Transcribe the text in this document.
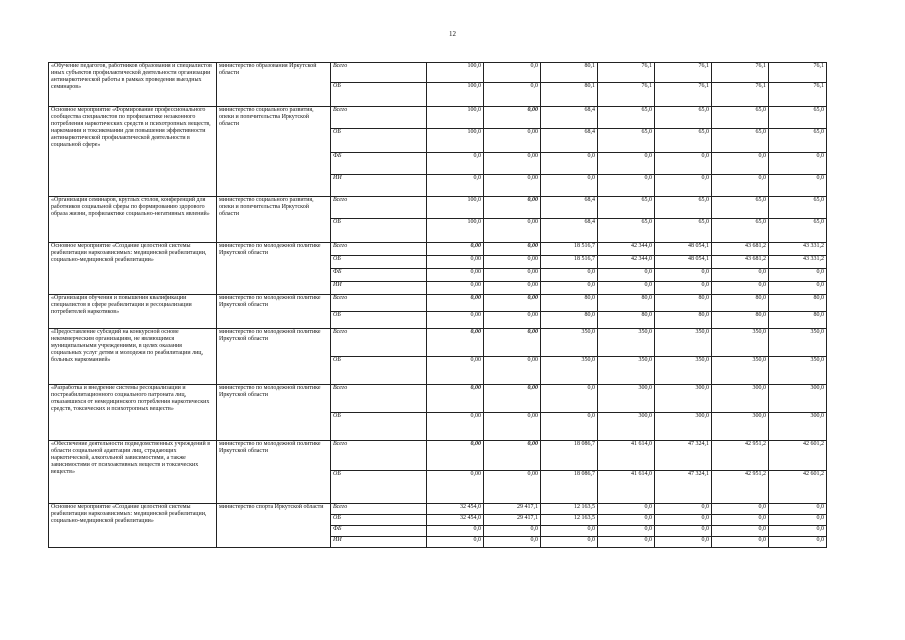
12
«Обучение педагогов, работников образования и специалистов иных субъектов профилактической деятельности организации антинаркотической работы в рамках проведения выездных семинаров»	министерство образования Иркутской области	Всего	100,0	0,0	80,1	76,1	76,1	76,1	76,1
		ОБ	100,0	0,0	80,1	76,1	76,1	76,1	76,1
Основное мероприятие «Формирование профессионального сообщества специалистов по профилактике незаконного потребления наркотических средств и психотропных веществ, наркомании и токсикомании для повышения эффективности антинаркотической профилактической деятельности в социальной сфере»	министерство социального развития, опеки и попечительства Иркутской области	Всего	100,0	0,00	68,4	65,0	65,0	65,0	65,0
		ОБ	100,0	0,00	68,4	65,0	65,0	65,0	65,0
		ФБ	0,0	0,00	0,0	0,0	0,0	0,0	0,0
		ИИ	0,0	0,00	0,0	0,0	0,0	0,0	0,0
«Организация семинаров, круглых столов, конференций для работников социальной сферы по формированию здорового образа жизни, профилактике социально-негативных явлений»	министерство социального развития, опеки и попечительства Иркутской области	Всего	100,0	0,00	68,4	65,0	65,0	65,0	65,0
		ОБ	100,0	0,00	68,4	65,0	65,0	65,0	65,0
Основное мероприятие «Создание целостной системы реабилитации наркозависимых: медицинской реабилитации, социально-медицинской реабилитации»	министерство по молодежной политике Иркутской области	Всего	0,00	0,00	18 516,7	42 344,0	48 054,1	43 681,2	43 331,2
		ОБ	0,00	0,00	18 516,7	42 344,0	48 054,1	43 681,2	43 331,2
		ФБ	0,00	0,00	0,0	0,0	0,0	0,0	0,0
		ИИ	0,00	0,00	0,0	0,0	0,0	0,0	0,0
«Организация обучения и повышения квалификации специалистов в сфере реабилитации и ресоциализации потребителей наркотиков»	министерство по молодежной политике Иркутской области	Всего	0,00	0,00	80,0	80,0	80,0	80,0	80,0
		ОБ	0,00	0,00	80,0	80,0	80,0	80,0	80,0
«Предоставление субсидий на конкурсной основе некоммерческим организациям, не являющимся муниципальными учреждениями, в целях оказания социальных услуг детям и молодежи по реабилитации лиц, больных наркоманией»	министерство по молодежной политике Иркутской области	Всего	0,00	0,00	350,0	350,0	350,0	350,0	350,0
		ОБ	0,00	0,00	350,0	350,0	350,0	350,0	350,0
«Разработка и внедрение системы ресоциализации и постреабилитационного социального патроната лиц, отказавшихся от немедицинского потребления наркотических средств, токсических и психотропных веществ»	министерство по молодежной политике Иркутской области	Всего	0,00	0,00	0,0	300,0	300,0	300,0	300,0
		ОБ	0,00	0,00	0,0	300,0	300,0	300,0	300,0
«Обеспечение деятельности подведомственных учреждений в области социальной адаптации лиц, страдающих наркотической, алкогольной зависимостями, а также зависимостями от психоактивных веществ и токсических веществ»	министерство по молодежной политике Иркутской области	Всего	0,00	0,00	18 086,7	41 614,0	47 324,1	42 951,2	42 601,2
		ОБ	0,00	0,00	18 086,7	41 614,0	47 324,1	42 951,2	42 601,2
Основное мероприятие «Создание целостной системы реабилитации наркозависимых: медицинской реабилитации, социально-медицинской реабилитации»	министерство спорта Иркутской области	Всего	32 454,0	29 417,1	12 163,5	0,0	0,0	0,0	0,0
		ОБ	32 454,0	29 417,1	12 163,5	0,0	0,0	0,0	0,0
		ФБ	0,0	0,0	0,0	0,0	0,0	0,0	0,0
		ИИ	0,0	0,0	0,0	0,0	0,0	0,0	0,0
